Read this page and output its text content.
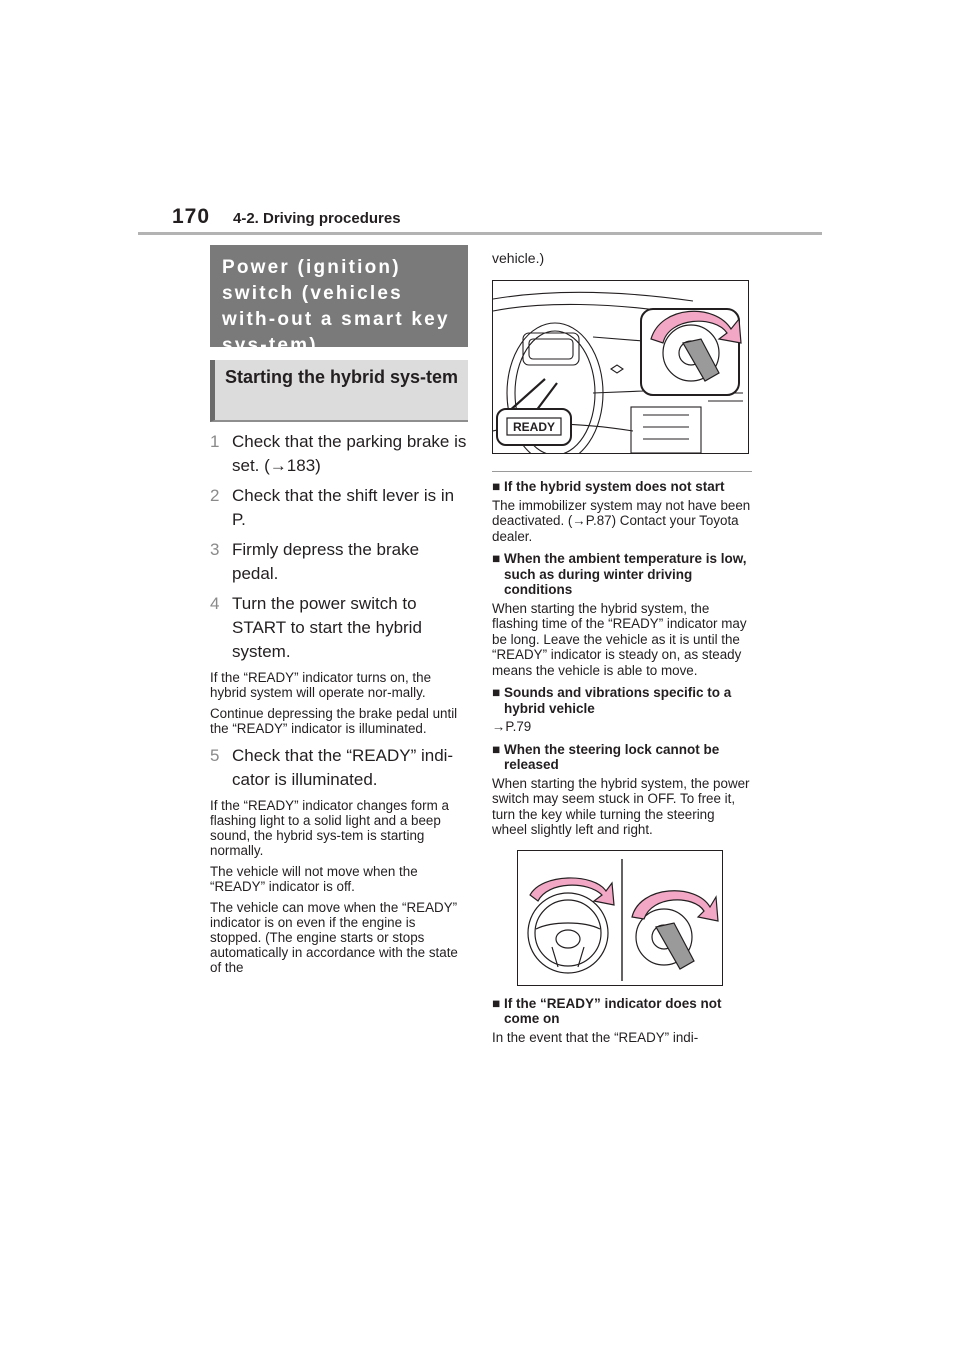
170 4-2. Driving procedures
Power (ignition) switch (vehicles with-out a smart key sys-tem)
Starting the hybrid sys-tem
1 Check that the parking brake is set. (→183)
2 Check that the shift lever is in P.
3 Firmly depress the brake pedal.
4 Turn the power switch to START to start the hybrid system.

If the “READY” indicator turns on, the hybrid system will operate nor-mally.

Continue depressing the brake pedal until the “READY” indicator is illuminated.

5 Check that the “READY” indi-cator is illuminated.

If the “READY” indicator changes form a flashing light to a solid light and a beep sound, the hybrid sys-tem is starting normally.

The vehicle will not move when the “READY” indicator is off.

The vehicle can move when the “READY” indicator is on even if the engine is stopped. (The engine starts or stops automatically in accordance with the state of the

vehicle.)

READY
■ If the hybrid system does not start

The immobilizer system may not have been deactivated. (→P.87) Contact your Toyota dealer.

■ When the ambient temperature is low, such as during winter driving conditions

When starting the hybrid system, the flashing time of the “READY” indicator may be long. Leave the vehicle as it is until the “READY” indicator is steady on, as steady means the vehicle is able to move.

■ Sounds and vibrations specific to a hybrid vehicle

→P.79

■ When the steering lock cannot be released

When starting the hybrid system, the power switch may seem stuck in OFF. To free it, turn the key while turning the steering wheel slightly left and right.

■ If the “READY” indicator does not come on

In the event that the “READY” indi-
